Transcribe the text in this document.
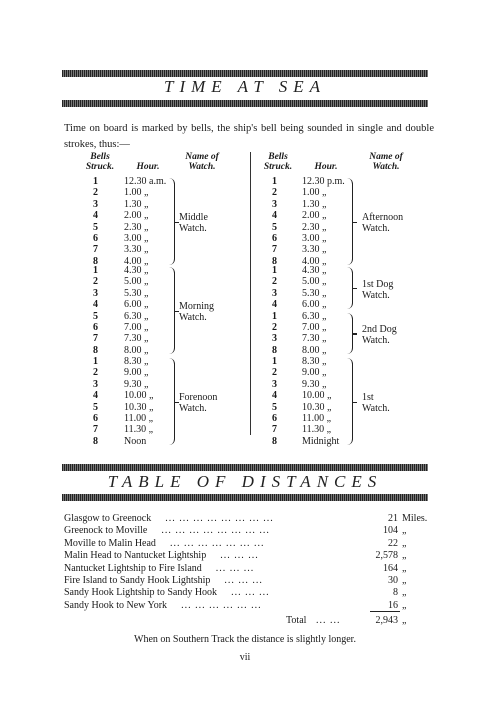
TIME AT SEA
Time on board is marked by bells, the ship's bell being sounded in single and double strokes, thus:—
Bells Struck.	Hour.
Name of Watch.
Bells Struck.	Hour.
Name of Watch.
1	12.30 a.m.
2	1.00 „
3	1.30 „
4	2.00 „
5	2.30 „
6	3.00 „
7	3.30 „
8	4.00 „
Middle
Watch.
1	4.30 „
2	5.00 „
3	5.30 „
4	6.00 „
5	6.30 „
6	7.00 „
7	7.30 „
8	8.00 „
Morning
Watch.
1	8.30 „
2	9.00 „
3	9.30 „
4	10.00 „
5	10.30 „
6	11.00 „
7	11.30 „
8	Noon
Forenoon
Watch.
1	12.30 p.m.
2	1.00 „
3	1.30 „
4	2.00 „
5	2.30 „
6	3.00 „
7	3.30 „
8	4.00 „
Afternoon
Watch.
1	4.30 „
2	5.00 „
3	5.30 „
4	6.00 „
1	6.30 „
2	7.00 „
3	7.30 „
8	8.00 „
1st Dog
Watch.
2nd Dog
Watch.
1	8.30 „
2	9.00 „
3	9.30 „
4	10.00 „
5	10.30 „
6	11.00 „
7	11.30 „
8	Midnight
1st
Watch.
TABLE OF DISTANCES
Glasgow to Greenock ... ... ... ... ... ... ... ...	21 Miles.
Greenock to Moville ... ... ... ... ... ... ... ...	104 „
Moville to Malin Head ... ... ... ... ... ... ...	22 „
Malin Head to Nantucket Lightship ... ... ...	2,578 „
Nantucket Lightship to Fire Island ... ... ...	164 „
Fire Island to Sandy Hook Lightship ... ... ...	30 „
Sandy Hook Lightship to Sandy Hook ... ... ...	8 „
Sandy Hook to New York ... ... ... ... ... ...	16 „
Total ... ...	2,943 „
When on Southern Track the distance is slightly longer.
vii
